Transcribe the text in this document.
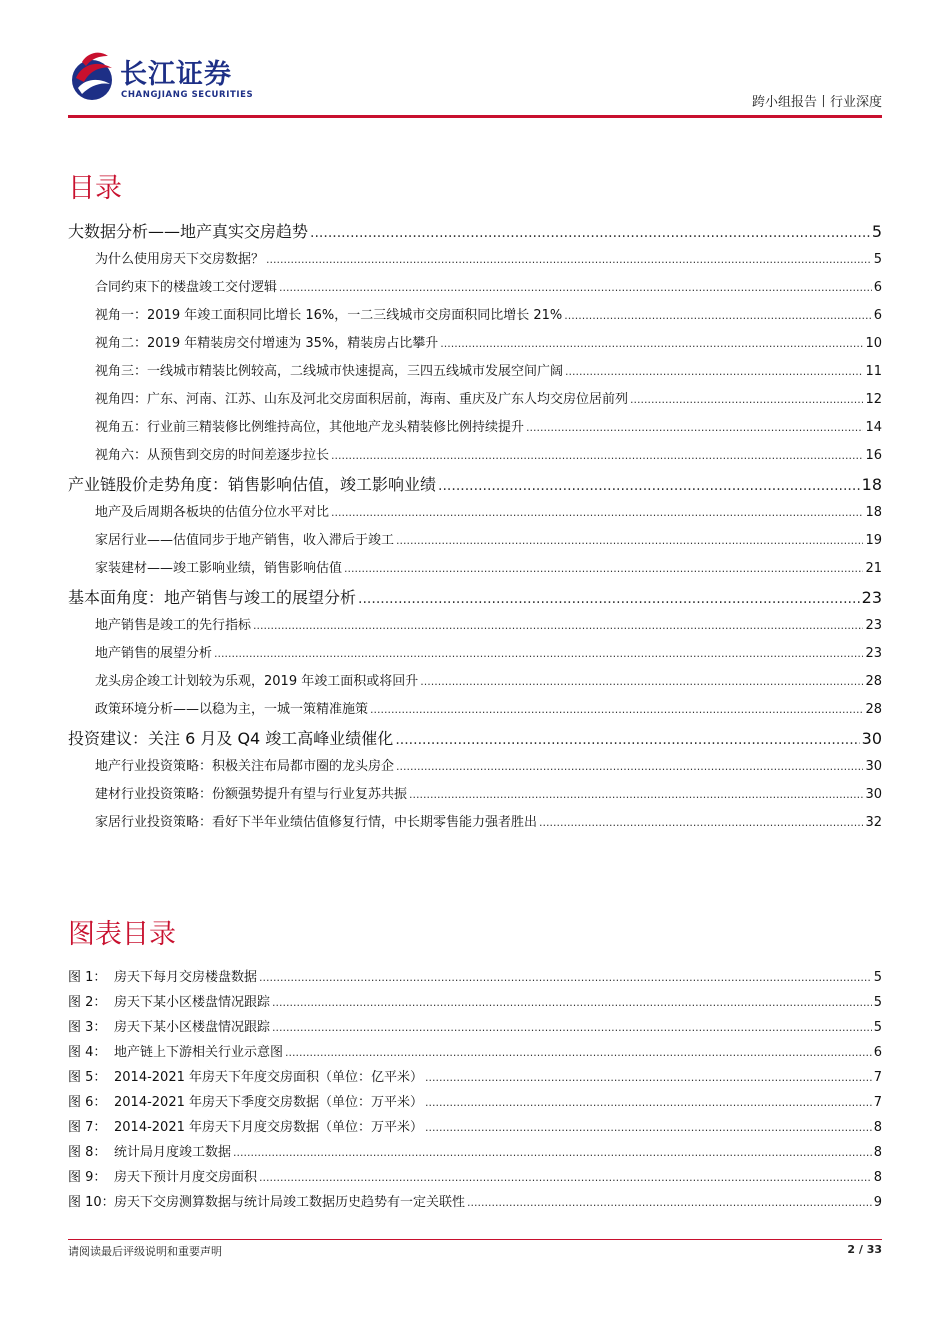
长江证券
CHANGJIANG SECURITIES	跨小组报告丨行业深度
目录
大数据分析——地产真实交房趋势 .....	5
为什么使用房天下交房数据？ .....	5
合同约束下的楼盘竣工交付逻辑 .....	6
视角一：2019 年竣工面积同比增长 16%，一二三线城市交房面积同比增长 21% .....	6
视角二：2019 年精装房交付增速为 35%，精装房占比攀升 .....	10
视角三：一线城市精装比例较高，二线城市快速提高，三四五线城市发展空间广阔 .....	11
视角四：广东、河南、江苏、山东及河北交房面积居前，海南、重庆及广东人均交房位居前列 .....	12
视角五：行业前三精装修比例维持高位，其他地产龙头精装修比例持续提升 .....	14
视角六：从预售到交房的时间差逐步拉长 .....	16
产业链股价走势角度：销售影响估值，竣工影响业绩 .....	18
地产及后周期各板块的估值分位水平对比 .....	18
家居行业——估值同步于地产销售，收入滞后于竣工 .....	19
家装建材——竣工影响业绩，销售影响估值 .....	21
基本面角度：地产销售与竣工的展望分析 .....	23
地产销售是竣工的先行指标 .....	23
地产销售的展望分析 .....	23
龙头房企竣工计划较为乐观，2019 年竣工面积或将回升 .....	28
政策环境分析——以稳为主，一城一策精准施策 .....	28
投资建议：关注 6 月及 Q4 竣工高峰业绩催化 .....	30
地产行业投资策略：积极关注布局都市圈的龙头房企 .....	30
建材行业投资策略：份额强势提升有望与行业复苏共振 .....	30
家居行业投资策略：看好下半年业绩估值修复行情，中长期零售能力强者胜出 .....	32
图表目录
图 1： 房天下每月交房楼盘数据 .....	5
图 2： 房天下某小区楼盘情况跟踪 .....	5
图 3： 房天下某小区楼盘情况跟踪 .....	5
图 4： 地产链上下游相关行业示意图 .....	6
图 5： 2014-2021 年房天下年度交房面积（单位：亿平米） .....	7
图 6： 2014-2021 年房天下季度交房数据（单位：万平米） .....	7
图 7： 2014-2021 年房天下月度交房数据（单位：万平米） .....	8
图 8： 统计局月度竣工数据 .....	8
图 9： 房天下预计月度交房面积 .....	8
图 10：房天下交房测算数据与统计局竣工数据历史趋势有一定关联性 .....	9
请阅读最后评级说明和重要声明	2 / 33
